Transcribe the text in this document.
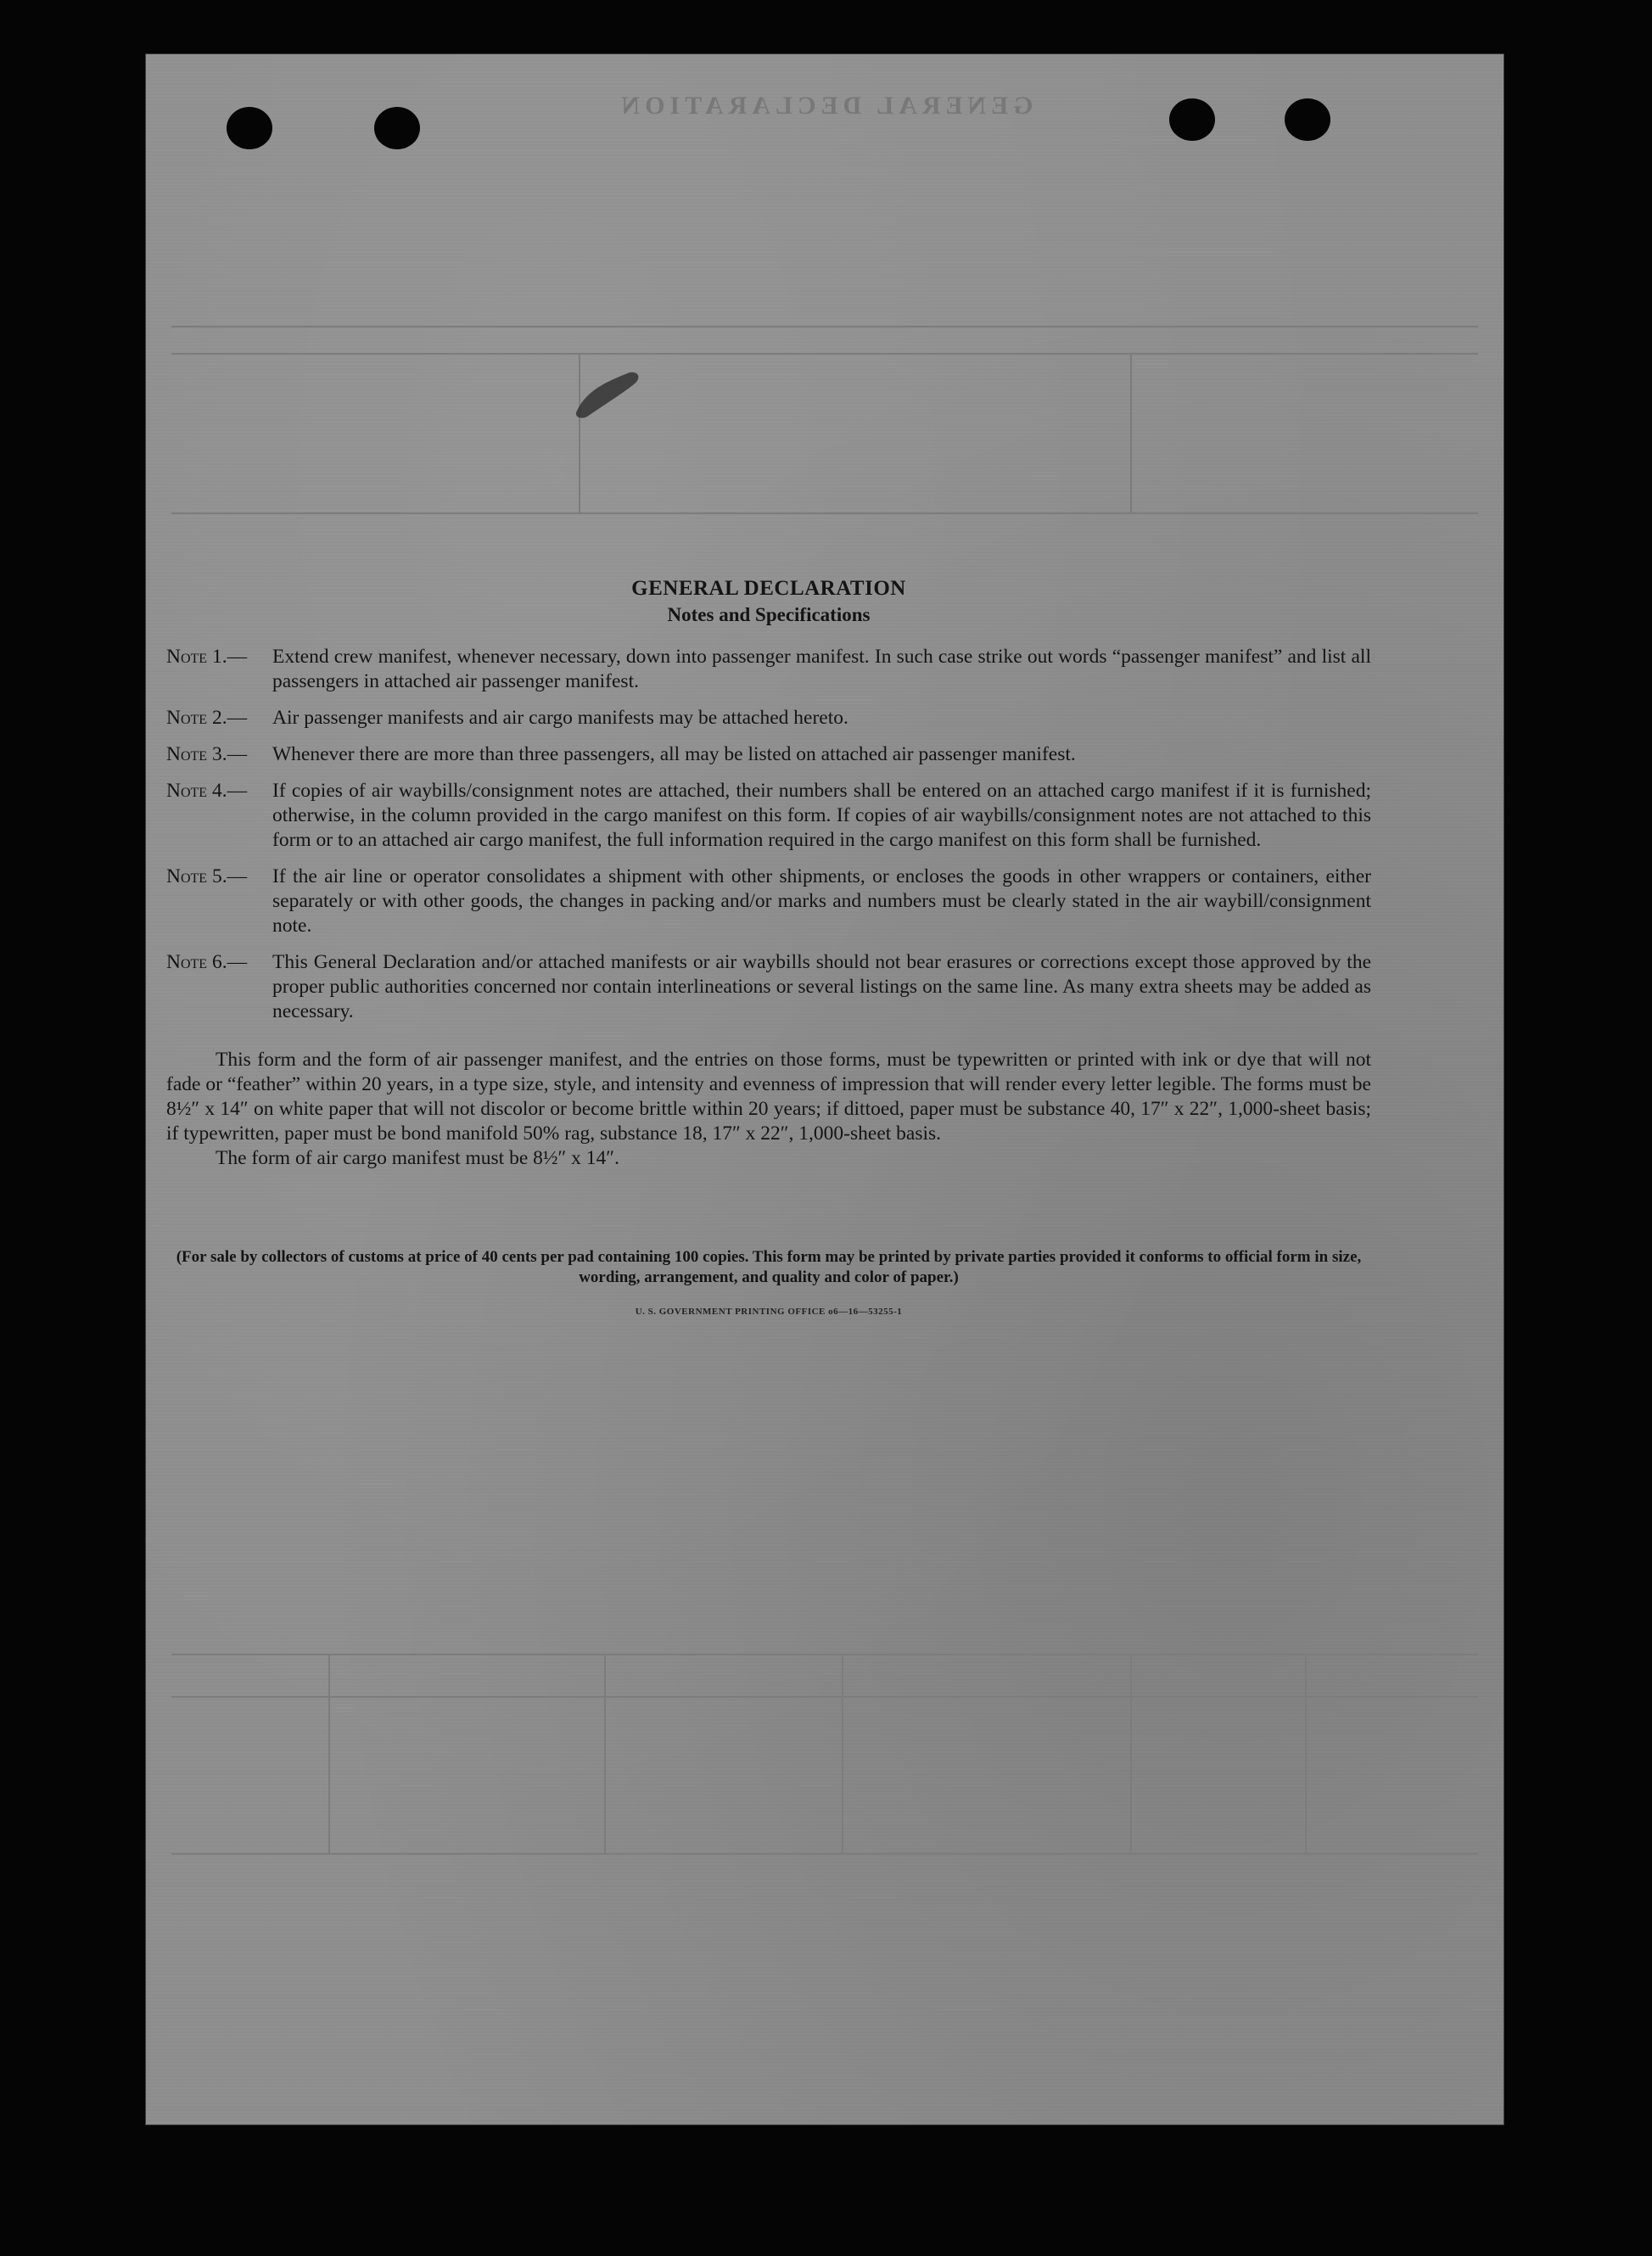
GENERAL DECLARATION
GENERAL DECLARATION
Notes and Specifications
Note 1.—	Extend crew manifest, whenever necessary, down into passenger manifest. In such case strike out words “passenger manifest” and list all passengers in attached air passenger manifest.
Note 2.—	Air passenger manifests and air cargo manifests may be attached hereto.
Note 3.—	Whenever there are more than three passengers, all may be listed on attached air passenger manifest.
Note 4.—	If copies of air waybills/consignment notes are attached, their numbers shall be entered on an attached cargo manifest if it is furnished; otherwise, in the column provided in the cargo manifest on this form. If copies of air waybills/consignment notes are not attached to this form or to an attached air cargo manifest, the full information required in the cargo manifest on this form shall be furnished.
Note 5.—	If the air line or operator consolidates a shipment with other shipments, or encloses the goods in other wrappers or containers, either separately or with other goods, the changes in packing and/or marks and numbers must be clearly stated in the air waybill/consignment note.
Note 6.—	This General Declaration and/or attached manifests or air waybills should not bear erasures or corrections except those approved by the proper public authorities concerned nor contain interlineations or several listings on the same line. As many extra sheets may be added as necessary.

This form and the form of air passenger manifest, and the entries on those forms, must be typewritten or printed with ink or dye that will not fade or “feather” within 20 years, in a type size, style, and intensity and evenness of impression that will render every letter legible. The forms must be 8½″ x 14″ on white paper that will not discolor or become brittle within 20 years; if dittoed, paper must be substance 40, 17″ x 22″, 1,000-sheet basis; if typewritten, paper must be bond manifold 50% rag, substance 18, 17″ x 22″, 1,000-sheet basis.

The form of air cargo manifest must be 8½″ x 14″.

(For sale by collectors of customs at price of 40 cents per pad containing 100 copies. This form may be printed by private parties provided it conforms to official form in size, wording, arrangement, and quality and color of paper.)

U. S. GOVERNMENT PRINTING OFFICE o6—16—53255-1
